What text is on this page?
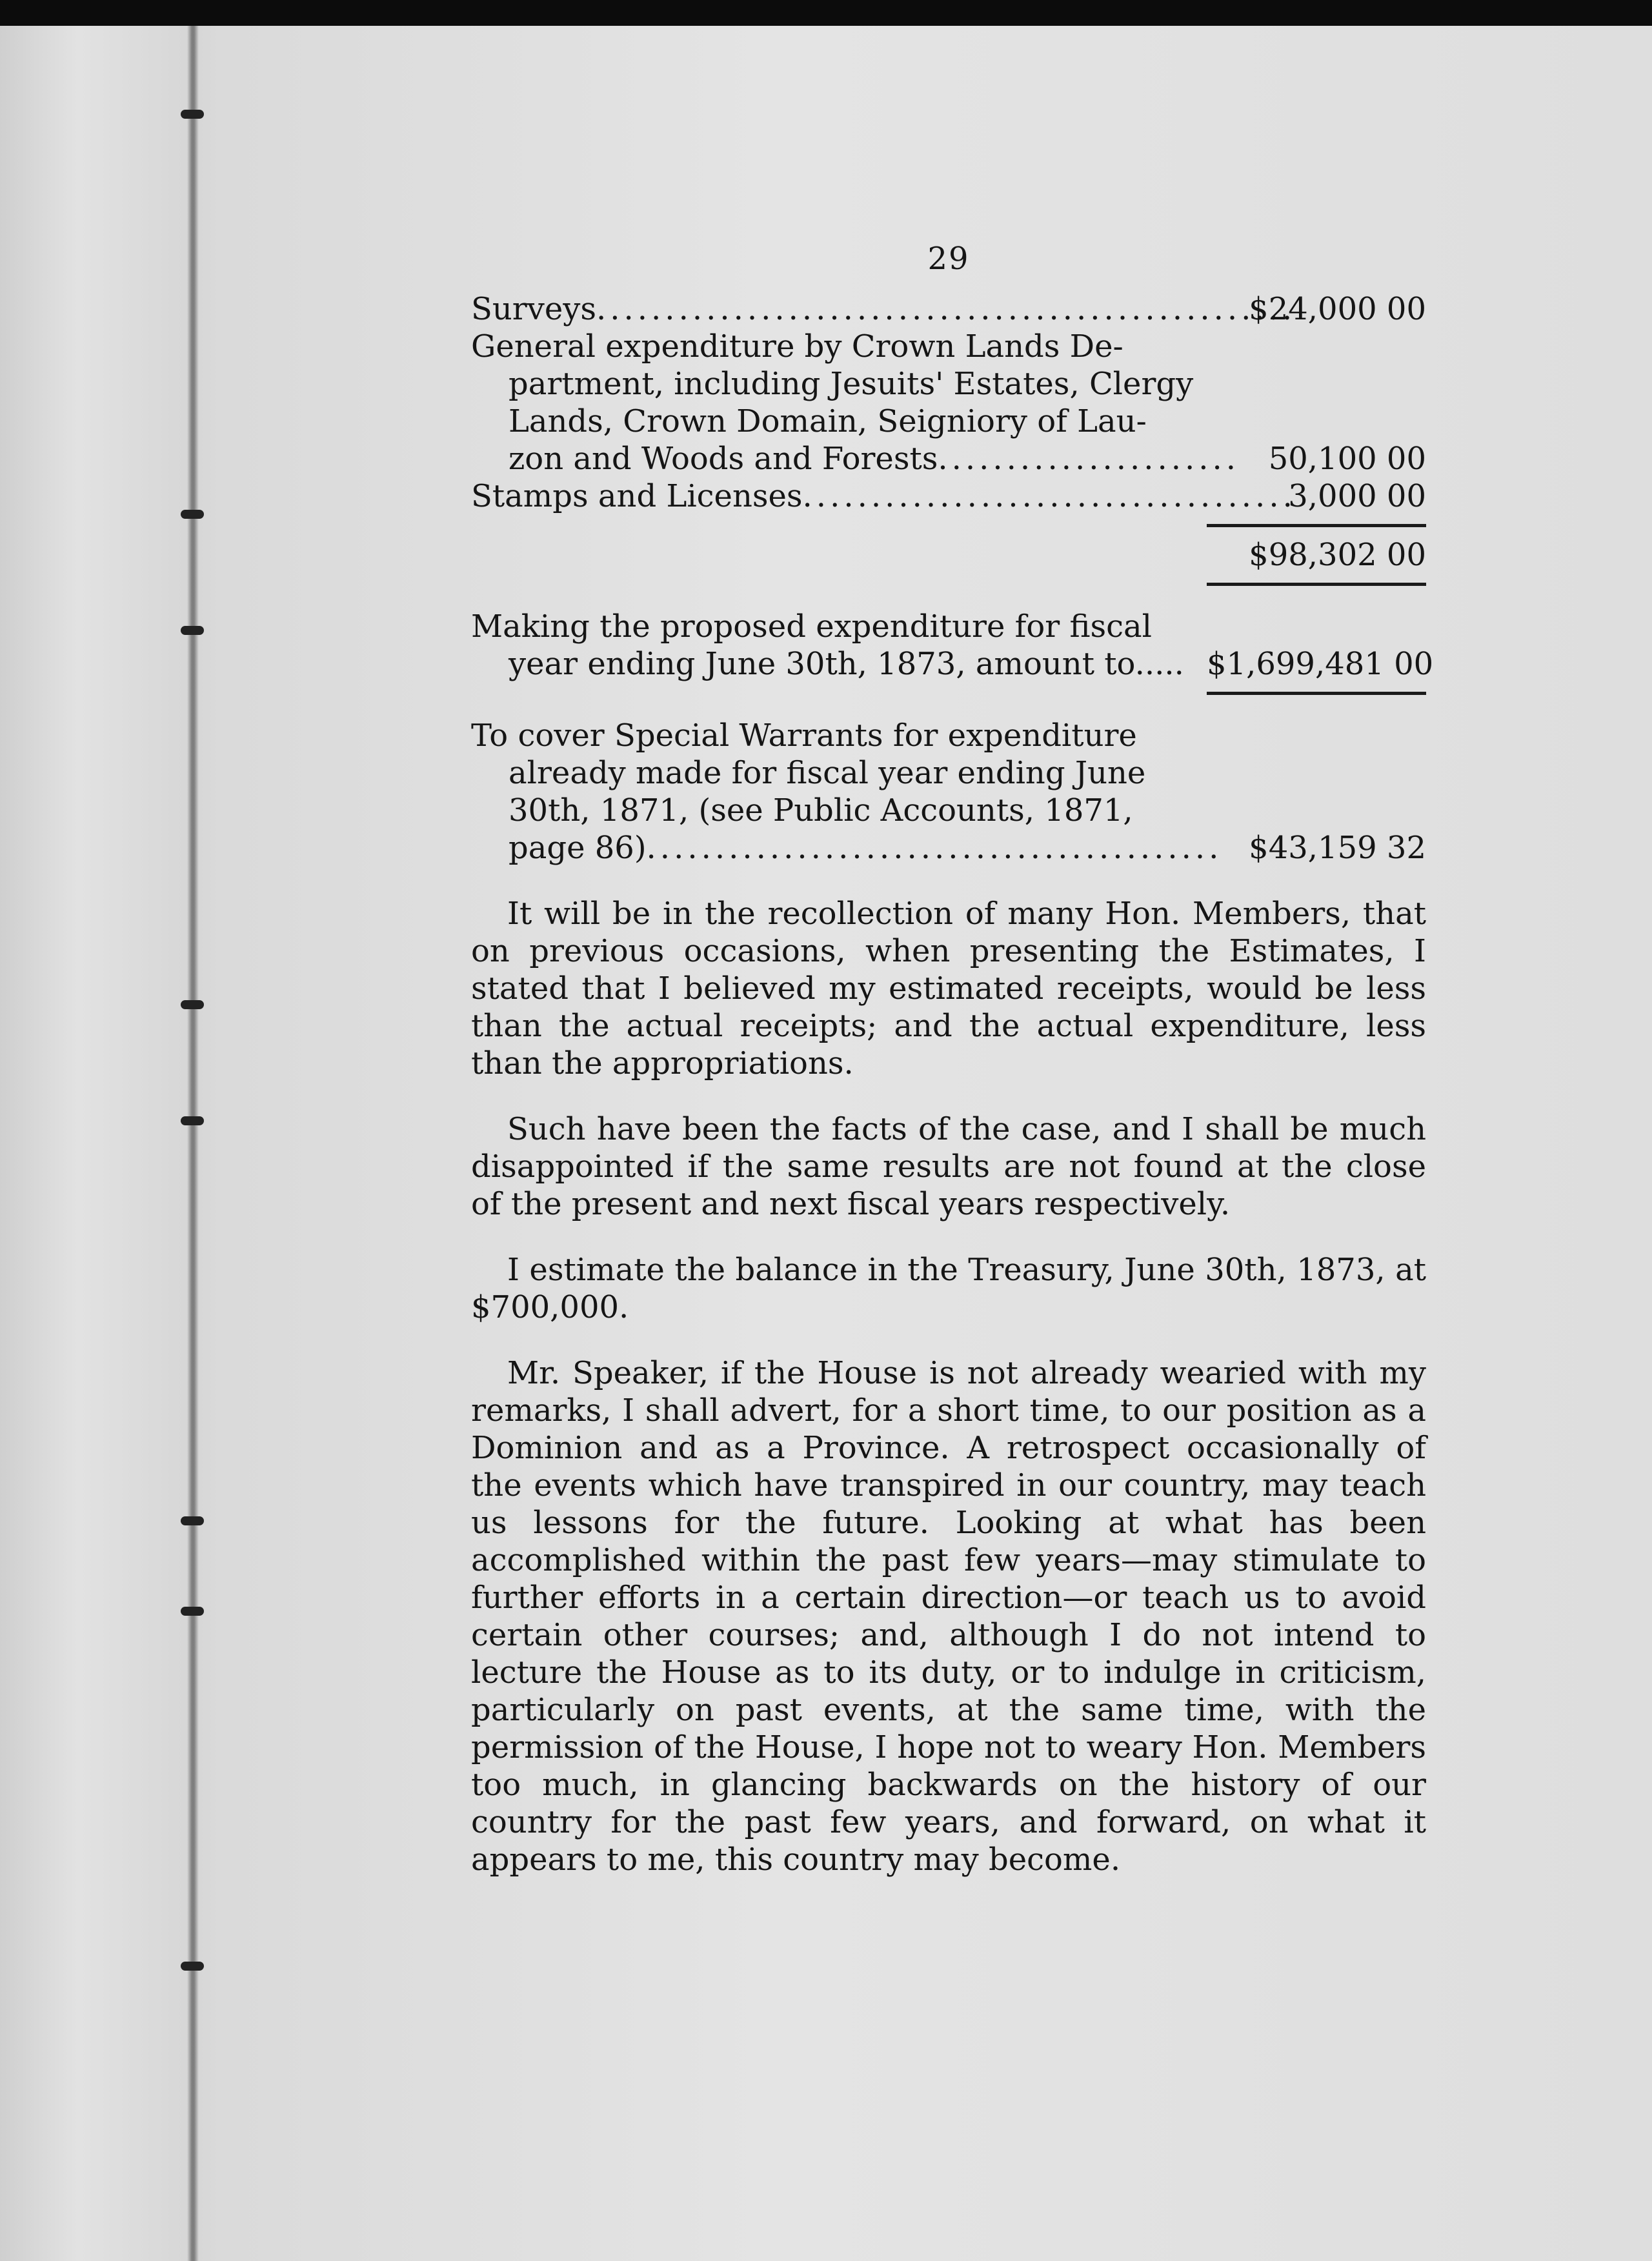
29
Surveys...................................................
$24,000 00
General expenditure by Crown Lands De-
partment, including Jesuits' Estates, Clergy
Lands, Crown Domain, Seigniory of Lau-
zon and Woods and Forests...................... 50,100 00
Stamps and Licenses....................................
3,000 00
$98,302 00
Making the proposed expenditure for fiscal
year ending June 30th, 1873, amount to..... $1,699,481 00
To cover Special Warrants for expenditure
already made for fiscal year ending June
30th, 1871, (see Public Accounts, 1871,
page 86).......................................... $43,159 32

It will be in the recollection of many Hon. Members, that on previous occasions, when presenting the Estimates, I stated that I believed my estimated receipts, would be less than the actual receipts; and the actual expenditure, less than the appropriations.

Such have been the facts of the case, and I shall be much disappointed if the same results are not found at the close of the present and next fiscal years respectively.

I estimate the balance in the Treasury, June 30th, 1873, at $700,000.

Mr. Speaker, if the House is not already wearied with my remarks, I shall advert, for a short time, to our position as a Dominion and as a Province. A retrospect occasionally of the events which have transpired in our country, may teach us lessons for the future. Looking at what has been accomplished within the past few years—may stimulate to further efforts in a certain direction—or teach us to avoid certain other courses; and, although I do not intend to lecture the House as to its duty, or to indulge in criticism, particularly on past events, at the same time, with the permission of the House, I hope not to weary Hon. Members too much, in glancing backwards on the history of our country for the past few years, and forward, on what it appears to me, this country may become.
